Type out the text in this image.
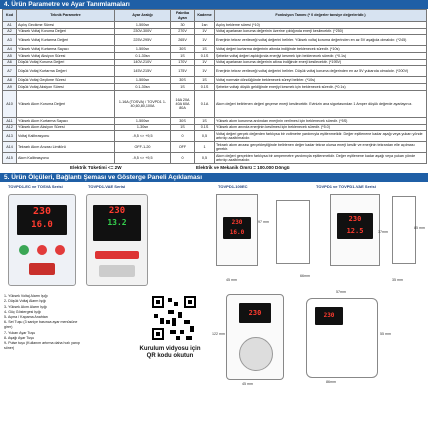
4. Ürün Parametre ve Ayar Tanımlamaları
Kod	Teknik Parametre	Ayar Aralığı	Fabrika Ayarı	Kademe	Fonksiyon Tanımı (* 0 değerler tavsiye değerleridir.)
A1	Açılış Gecikme Süresi	1-500sn	30	1sn	Açılış bekleme süresi (*10)
A2	Yüksek Voltaj Koruma Değeri	230V-300V	270V	1V	Voltaj ayarlanan koruma değerinin üzerine çıktığında enerji kesilecektir. (*250)
A3	Yüksek Voltaj Kurtarma Değeri	225V-295V	265V	1V	Enerjinin tekrar verileceği voltaj değerini belirler. Yüksek voltaj koruma değerinden en az 5V aşağıda olmalıdır. (*245)
A4	Yüksek Voltaj Kurtarma Sayacı	1-500sn	30S	1S	Voltaj değeri kurtarma değerinin altında indiğinde beklenecek süredir. (*10s)
A5	Yüksek Voltaj Aksiyon Süresi	0.1-30sn	1S	0.1S	Şebeke voltaj değeri aşıldığında enerjiyi kesmek için beklenecek süredir. (*0.1s)
A6	Düşük Voltaj Koruma Değeri	140V-210V	170V	1V	Voltaj ayarlanan koruma değerinin altına indiğinde enerji kesilecektir. (*195V)
A7	Düşük Voltaj Kurtarma Değeri	145V-215V	175V	1V	Enerjinin tekrar verileceği voltaj değerini belirler. Düşük voltaj koruma değerinden en az 5V yukarıda olmalıdır. (*200V)
A8	Düşük Voltaj Geçikme Süresi	1-500sn	30S	1S	Voltaj normale döndüğünde beklenecek süreyi belirler. (*10s)
A9	Düşük Voltaj Aksiyon Süresi	0.1-30sn	1S	0.1S	Şebeke voltajı düşük geldiğinde enerjiyi kesmek için beklenecek süredir. (*0.1s)
A10	Yüksek Akım Koruma Değeri	1-16A (TOSVA) / TOVPD1 1-40,60,80,100A	16A 20A 40A 60A 80A	0.1A	Akım değeri belirlenen değeri geçerse enerji kesilecektir. Evinizin ana sigortasından 1 Amper düşük değerde ayarlayınız.
A11	Yüksek Akım Kurtarma Sayacı	1-500sn	30S	1S	Yüksek akım korunma ardından enerjinin verilmesi için beklenecek süredir. (*5S)
A12	Yüksek Akım Aksiyon Süresi	1-30sn	1S	0.1S	Yüksek akım anında enerjinin kesilmesi için beklenecek süredir. (*5.0)
A13	Voltaj Kalibrasyonu	-9,5 <> +9,5	0	0,5	Voltaj değeri gerçek değerden farklıysa bir voltmetre yardımıyla eşitlenmelidir. Değer eşitlenene kadar aşağı veya yukarı yönde artırılıp azaltılmalıdır.
A14	Tekrarlı Akım Arızası Limitörü	OFF-1-20	OFF	1	Tekrarlı akım arızası gerçekleştiğinde belirlenen değer kadar tekrar olursa enerji kesilir ve enerjinin tekrardan elle açılması gerekir.
A15	Akım Kalibrasyonu	-9,5 <> +9,5	0	0,5	Akım değeri gerçekten farklıysa bir ampermetre yardımıyla eşitlenmelidir. Değer eşitlenene kadar aşağı veya yukarı yönde artırılıp azaltılmalıdır.
Elektrik Tüketimi <= 2W	Elektrik ve Mekanik Ömrü = 100.000 Döngü
5. Ürün Ölçüleri, Bağlantı Şeması ve Gösterge Paneli Açıklaması
TOVPD1-EC ve TOSVA Serisi	TOVPD1-VAE Serisi	TOVPD1-100EC	TOVPD1 ve TOVPD1-VAE Serisi
230
16.0
230
13.2	230
16.0
97 mm
45 mm
66mm
230
12.5	37mm
85 mm
35 mm
230
122 mm
45 mm
230
57mm
86mm
55 mm
Kurulum vidyosu için
QR kodu okutun
1- Yüksek Voltaj Alarm Işığı
2- Düşük Voltaj Alarm Işığı
3- Yüksek Akım Alarm Işığı
4- Güç Göstergesi Işığı
5- Açma / Kapama Anahtarı
6- Set Tuşu (3 saniye basınca ayar menüsüne girer)
7- Yukarı Ayar Tuşu
8- Aşağı Ayar Tuşu
9- Pulse tuşu (Kullanım artırma daha hızlı yanıp söner)
